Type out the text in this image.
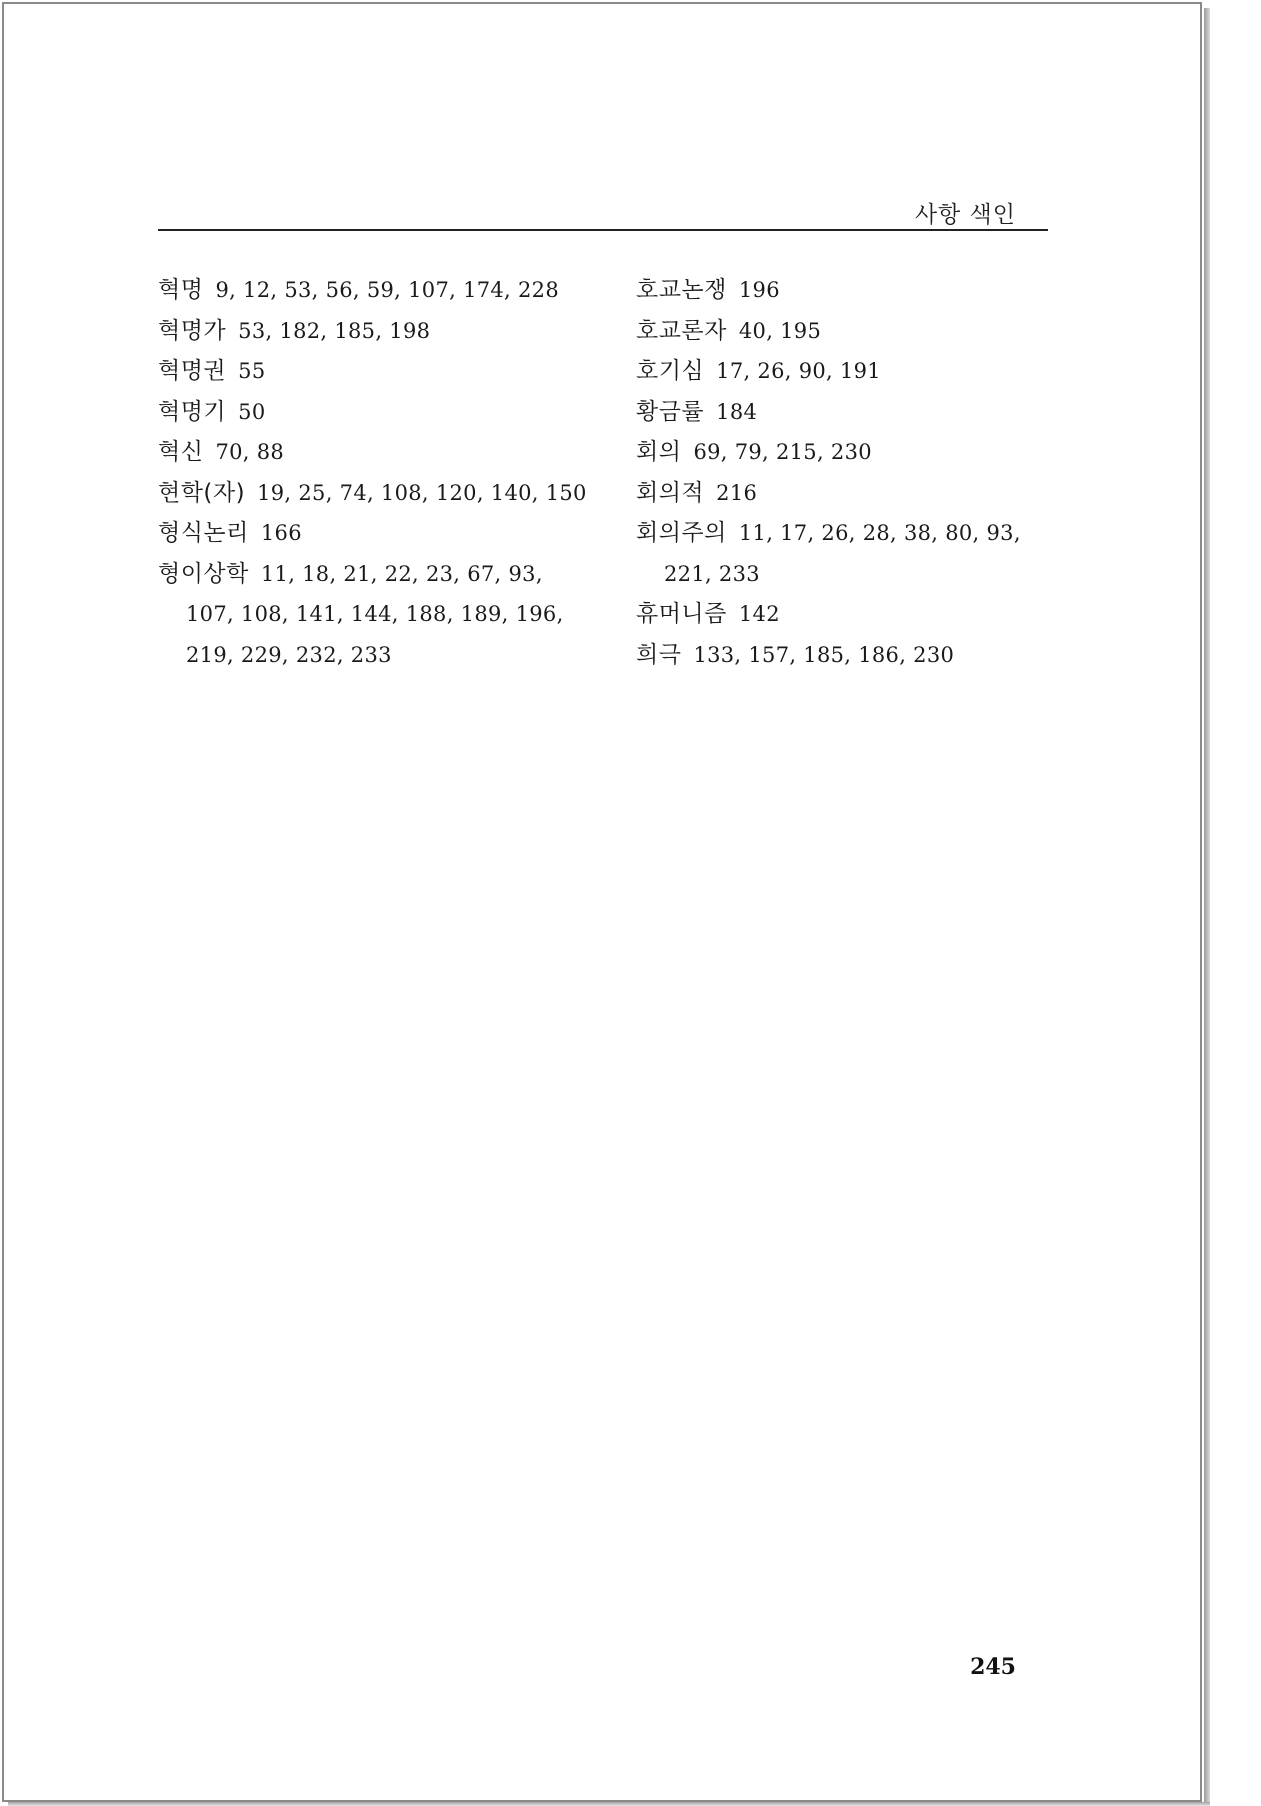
사항 색인
혁명 9, 12, 53, 56, 59, 107, 174, 228
혁명가 53, 182, 185, 198
혁명권 55
혁명기 50
혁신 70, 88
현학(자) 19, 25, 74, 108, 120, 140, 150
형식논리 166
형이상학 11, 18, 21, 22, 23, 67, 93,
107, 108, 141, 144, 188, 189, 196,
219, 229, 232, 233
호교논쟁 196
호교론자 40, 195
호기심 17, 26, 90, 191
황금률 184
회의 69, 79, 215, 230
회의적 216
회의주의 11, 17, 26, 28, 38, 80, 93,
221, 233
휴머니즘 142
희극 133, 157, 185, 186, 230
245
